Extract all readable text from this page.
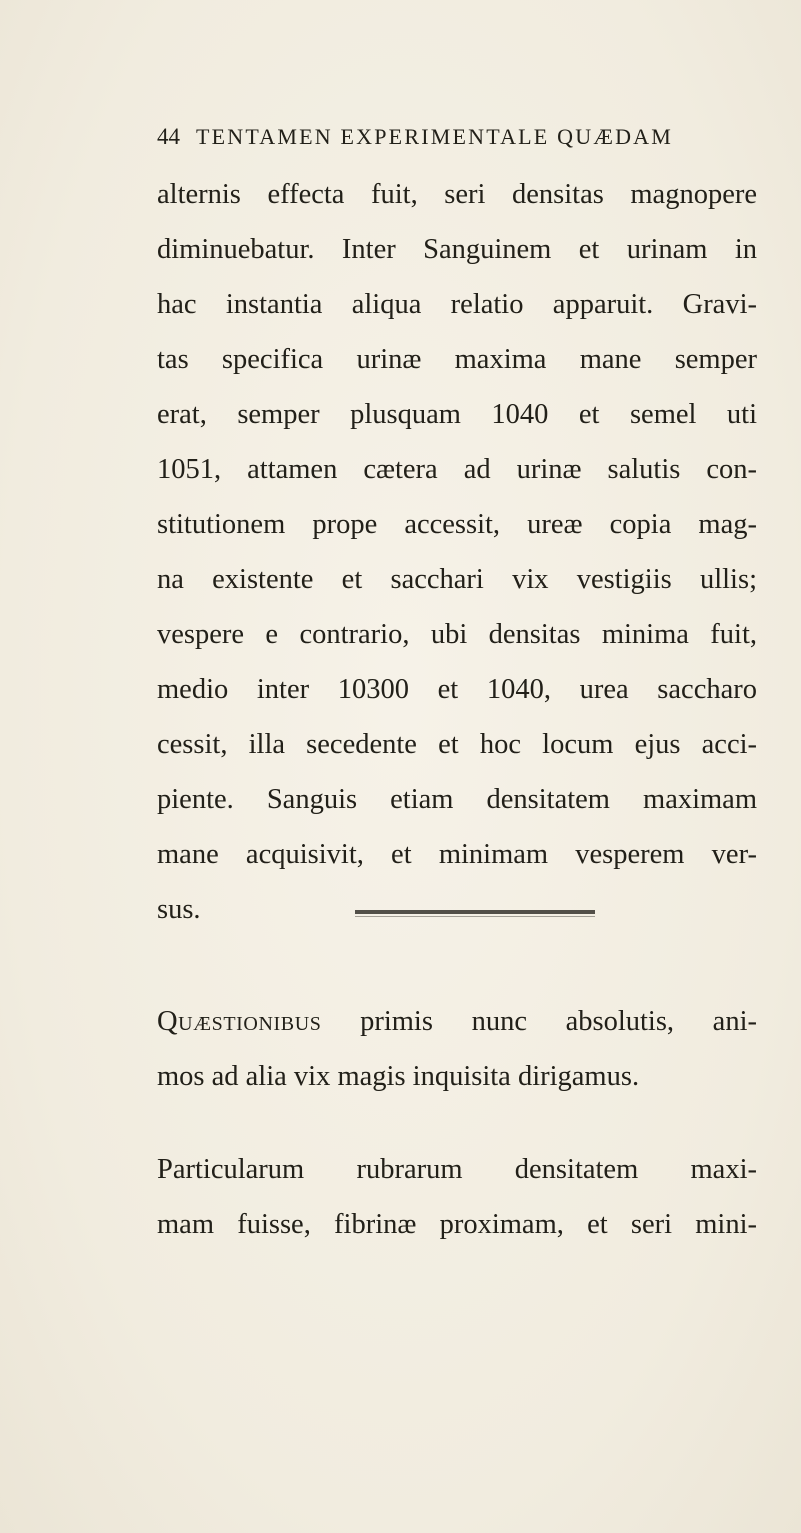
44 TENTAMEN EXPERIMENTALE QUÆDAM
alternis effecta fuit, seri densitas magnopere
diminuebatur. Inter Sanguinem et urinam in
hac instantia aliqua relatio apparuit. Gravi-
tas specifica urinæ maxima mane semper
erat, semper plusquam 1040 et semel uti
1051, attamen cætera ad urinæ salutis con-
stitutionem prope accessit, ureæ copia mag-
na existente et sacchari vix vestigiis ullis;
vespere e contrario, ubi densitas minima fuit,
medio inter 10300 et 1040, urea saccharo
cessit, illa secedente et hoc locum ejus acci-
piente. Sanguis etiam densitatem maximam
mane acquisivit, et minimam vesperem ver-
sus.
Quæstionibus primis nunc absolutis, ani-
mos ad alia vix magis inquisita dirigamus.
Particularum rubrarum densitatem maxi-
mam fuisse, fibrinæ proximam, et seri mini-
